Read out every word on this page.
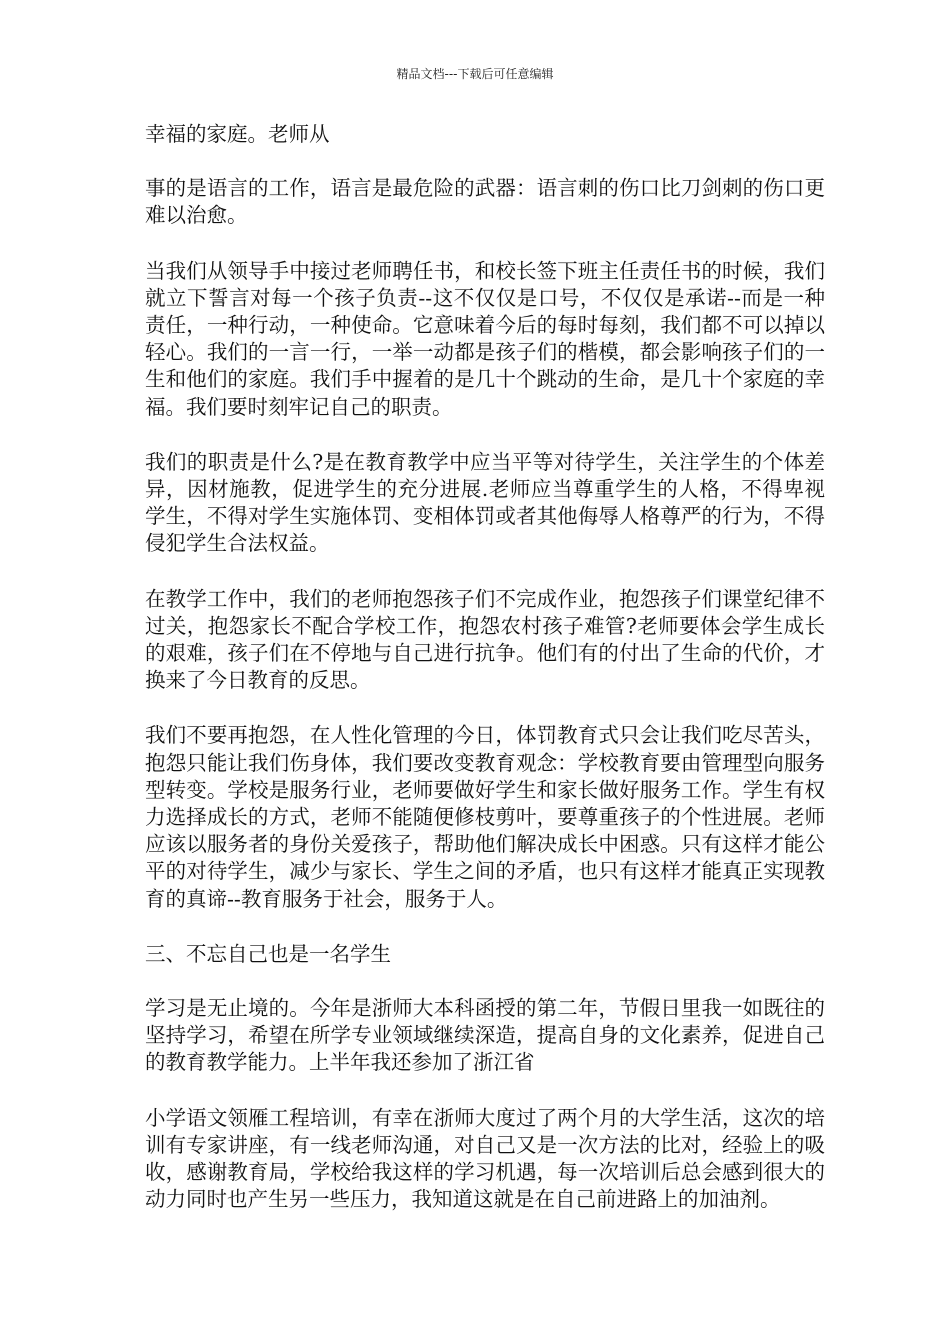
精品文档---下载后可任意编辑

幸福的家庭。老师从

事的是语言的工作，语言是最危险的武器：语言刺的伤口比刀剑刺的伤口更难以治愈。

当我们从领导手中接过老师聘任书，和校长签下班主任责任书的时候，我们就立下誓言对每一个孩子负责--这不仅仅是口号，不仅仅是承诺--而是一种责任，一种行动，一种使命。它意味着今后的每时每刻，我们都不可以掉以轻心。我们的一言一行，一举一动都是孩子们的楷模，都会影响孩子们的一生和他们的家庭。我们手中握着的是几十个跳动的生命，是几十个家庭的幸福。我们要时刻牢记自己的职责。

我们的职责是什么?是在教育教学中应当平等对待学生，关注学生的个体差异，因材施教，促进学生的充分进展.老师应当尊重学生的人格，不得卑视学生，不得对学生实施体罚、变相体罚或者其他侮辱人格尊严的行为，不得侵犯学生合法权益。

在教学工作中，我们的老师抱怨孩子们不完成作业，抱怨孩子们课堂纪律不过关，抱怨家长不配合学校工作，抱怨农村孩子难管?老师要体会学生成长的艰难，孩子们在不停地与自己进行抗争。他们有的付出了生命的代价，才换来了今日教育的反思。

我们不要再抱怨，在人性化管理的今日，体罚教育式只会让我们吃尽苦头，抱怨只能让我们伤身体，我们要改变教育观念：学校教育要由管理型向服务型转变。学校是服务行业，老师要做好学生和家长做好服务工作。学生有权力选择成长的方式，老师不能随便修枝剪叶，要尊重孩子的个性进展。老师应该以服务者的身份关爱孩子，帮助他们解决成长中困惑。只有这样才能公平的对待学生，减少与家长、学生之间的矛盾，也只有这样才能真正实现教育的真谛--教育服务于社会，服务于人。

三、不忘自己也是一名学生

学习是无止境的。今年是浙师大本科函授的第二年，节假日里我一如既往的坚持学习，希望在所学专业领域继续深造，提高自身的文化素养，促进自己的教育教学能力。上半年我还参加了浙江省

小学语文领雁工程培训，有幸在浙师大度过了两个月的大学生活，这次的培训有专家讲座，有一线老师沟通，对自己又是一次方法的比对，经验上的吸收，感谢教育局，学校给我这样的学习机遇，每一次培训后总会感到很大的动力同时也产生另一些压力，我知道这就是在自己前进路上的加油剂。
